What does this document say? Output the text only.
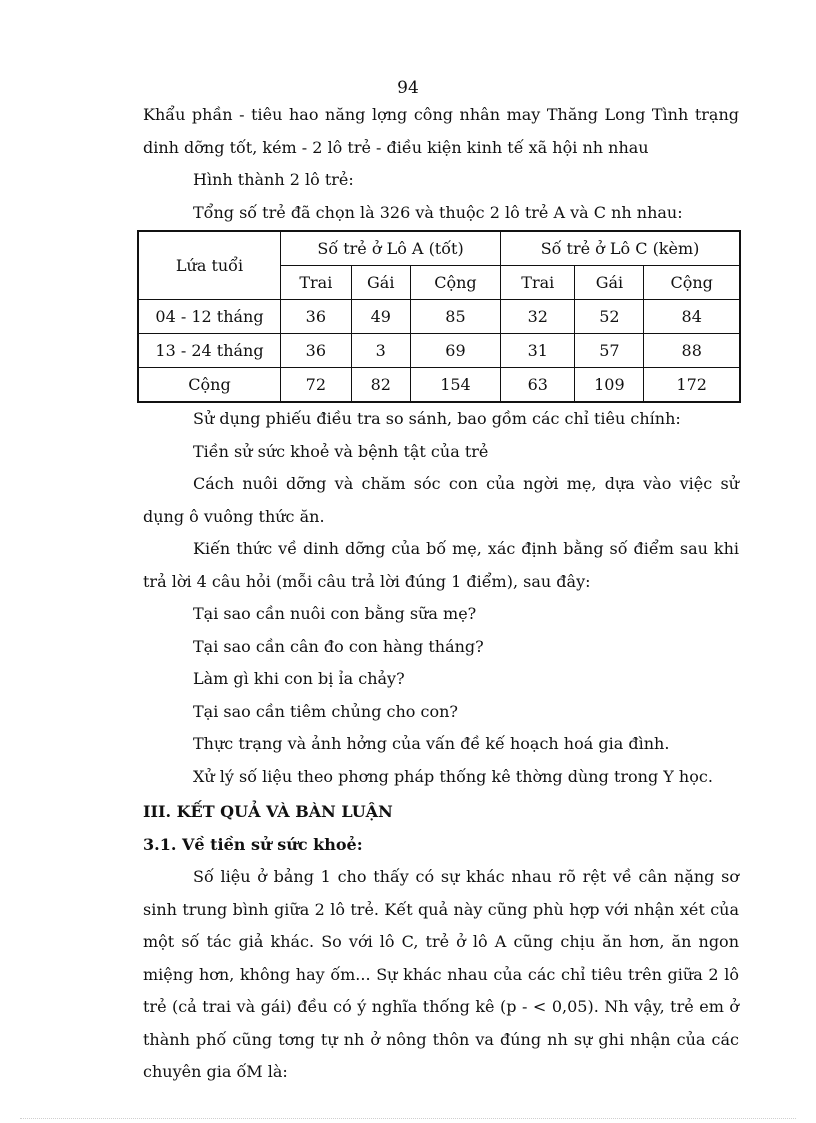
94

Khẩu phần - tiêu hao năng lợng công nhân may Thăng Long Tình trạng

dinh dỡng tốt, kém - 2 lô trẻ - điều kiện kinh tế xã hội nh nhau

Hình thành 2 lô trẻ:

Tổng số trẻ đã chọn là 326 và thuộc 2 lô trẻ A và C nh nhau:

Lứa tuổi	Số trẻ ở Lô A (tốt)			Số trẻ ở Lô C (kèm)		
	Trai	Gái	Cộng	Trai	Gái	Cộng
04 - 12 tháng	36	49	85	32	52	84
13 - 24 tháng	36	3	69	31	57	88
Cộng	72	82	154	63	109	172

Sử dụng phiếu điều tra so sánh, bao gồm các chỉ tiêu chính:

Tiền sử sức khoẻ và bệnh tật của trẻ

Cách nuôi dỡng và chăm sóc con của ngời mẹ, dựa vào việc sử dụng ô vuông thức ăn.

Kiến thức về dinh dỡng của bố mẹ, xác định bằng số điểm sau khi trả lời 4 câu hỏi (mỗi câu trả lời đúng 1 điểm), sau đây:

Tại sao cần nuôi con bằng sữa mẹ?

Tại sao cần cân đo con hàng tháng?

Làm gì khi con bị ỉa chảy?

Tại sao cần tiêm chủng cho con?

Thực trạng và ảnh hởng của vấn đề kế hoạch hoá gia đình.

Xử lý số liệu theo phơng pháp thống kê thờng dùng trong Y học.

III. KẾT QUẢ VÀ BÀN LUẬN

3.1. Về tiền sử sức khoẻ:

Số liệu ở bảng 1 cho thấy có sự khác nhau rõ rệt về cân nặng sơ sinh trung bình giữa 2 lô trẻ. Kết quả này cũng phù hợp với nhận xét của một số tác giả khác. So với lô C, trẻ ở lô A cũng chịu ăn hơn, ăn ngon miệng hơn, không hay ốm... Sự khác nhau của các chỉ tiêu trên giữa 2 lô trẻ (cả trai và gái) đều có ý nghĩa thống kê (p - < 0,05). Nh vậy, trẻ em ở thành phố cũng tơng tự nh ở nông thôn va đúng nh sự ghi nhận của các chuyên gia ốM là:
